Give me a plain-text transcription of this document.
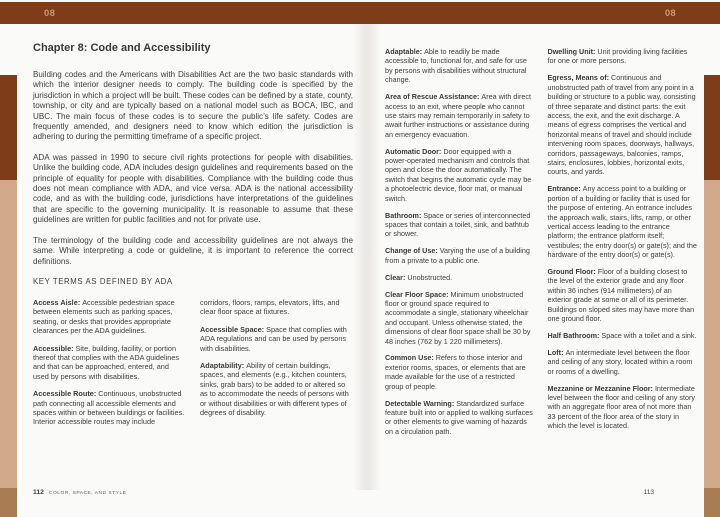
08	08
Chapter 8: Code and Accessibility

Building codes and the Americans with Disabilities Act are the two basic standards with which the interior designer needs to comply. The building code is specified by the jurisdiction in which a project will be built. These codes can be defined by a state, county, township, or city and are typically based on a national model such as BOCA, IBC, and UBC. The main focus of these codes is to secure the public’s life safety. Codes are frequently amended, and designers need to know which edition the jurisdiction is adhering to during the permitting timeframe of a specific project.

ADA was passed in 1990 to secure civil rights protections for people with disabilities. Unlike the building code, ADA includes design guidelines and requirements based on the principle of equality for people with disabilities. Compliance with the building code thus does not mean compliance with ADA, and vice versa. ADA is the national accessibility code, and as with the building code, jurisdictions have interpretations of the guidelines that are specific to the governing municipality. It is reasonable to assume that these guidelines are written for public facilities and not for private use.

The terminology of the building code and accessibility guidelines are not always the same. While interpreting a code or guideline, it is important to reference the correct definitions.

KEY TERMS AS DEFINED BY ADA

Access Aisle: Accessible pedestrian space between elements such as parking spaces, seating, or desks that provides appropriate clearances per the ADA guidelines.

Accessible: Site, building, facility, or portion thereof that complies with the ADA guidelines and that can be approached, entered, and used by persons with disabilities.

Accessible Route: Continuous, unobstructed path connecting all accessible elements and spaces within or between buildings or facilities. Interior accessible routes may include

corridors, floors, ramps, elevators, lifts, and clear floor space at fixtures.

Accessible Space: Space that complies with ADA regulations and can be used by persons with disabilities.

Adaptability: Ability of certain buildings, spaces, and elements (e.g., kitchen counters, sinks, grab bars) to be added to or altered so as to accommodate the needs of persons with or without disabilities or with different types of degrees of disability.

112 COLOR, SPACE, AND STYLE

Adaptable: Able to readily be made accessible to, functional for, and safe for use by persons with disabilities without structural change.

Area of Rescue Assistance: Area with direct access to an exit, where people who cannot use stairs may remain temporarily in safety to await further instructions or assistance during an emergency evacuation.

Automatic Door: Door equipped with a power-operated mechanism and controls that open and close the door automatically. The switch that begins the automatic cycle may be a photoelectric device, floor mat, or manual switch.

Bathroom: Space or series of interconnected spaces that contain a toilet, sink, and bathtub or shower.

Change of Use: Varying the use of a building from a private to a public one.

Clear: Unobstructed.

Clear Floor Space: Minimum unobstructed floor or ground space required to accommodate a single, stationary wheelchair and occupant. Unless otherwise stated, the dimensions of clear floor space shall be 30 by 48 inches (762 by 1 220 millimeters).

Common Use: Refers to those interior and exterior rooms, spaces, or elements that are made available for the use of a restricted group of people.

Detectable Warning: Standardized surface feature built into or applied to walking surfaces or other elements to give warning of hazards on a circulation path.

Dwelling Unit: Unit providing living facilities for one or more persons.

Egress, Means of: Continuous and unobstructed path of travel from any point in a building or structure to a public way, consisting of three separate and distinct parts: the exit access, the exit, and the exit discharge. A means of egress comprises the vertical and horizontal means of travel and should include intervening room spaces, doorways, hallways, corridors, passageways, balconies, ramps, stairs, enclosures, lobbies, horizontal exits, courts, and yards.

Entrance: Any access point to a building or portion of a building or facility that is used for the purpose of entering. An entrance includes the approach walk, stairs, lifts, ramp, or other vertical access leading to the entrance platform; the entrance platform itself; vestibules; the entry door(s) or gate(s); and the hardware of the entry door(s) or gate(s).

Ground Floor: Floor of a building closest to the level of the exterior grade and any floor within 36 inches (914 millimeters) of an exterior grade at some or all of its perimeter. Buildings on sloped sites may have more than one ground floor.

Half Bathroom: Space with a toilet and a sink.

Loft: An intermediate level between the floor and ceiling of any story, located within a room or rooms of a dwelling.

Mezzanine or Mezzanine Floor: Intermediate level between the floor and ceiling of any story with an aggregate floor area of not more than 33 percent of the floor area of the story in which the level is located.

113
